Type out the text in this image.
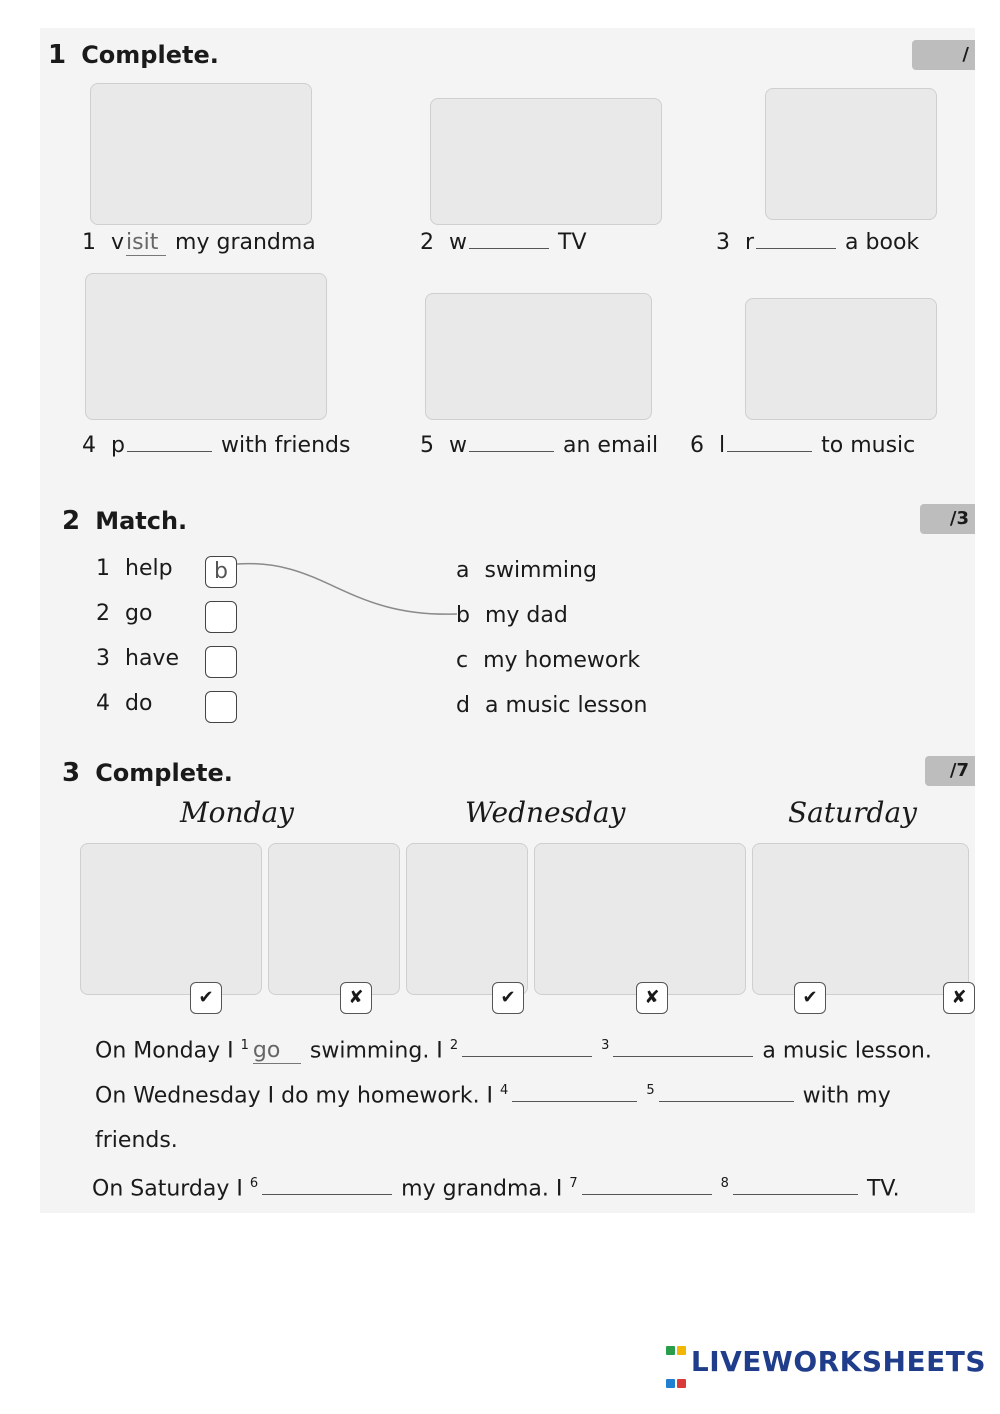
1 Complete.	/
1 visit my grandma	2 w	TV	3 r	a book
4 p	with friends	5 w	an email 6 l	to music
2 Match.	/3
1 help
2 go
3 have
4 do
b	a swimming
b my dad
c my homework
d a music lesson
3 Complete.	/7
Monday	Wednesday	Saturday
✔	✘	✔	✘	✔	✘
On Monday I $^1$ go swimming. I $^2$	$^3$	a music lesson.
On Wednesday I do my homework. I $^4$	$^5$	with my
friends.
On Saturday I $^6$	my grandma. I $^7$	$^8$	TV.

LIVEWORKSHEETS
